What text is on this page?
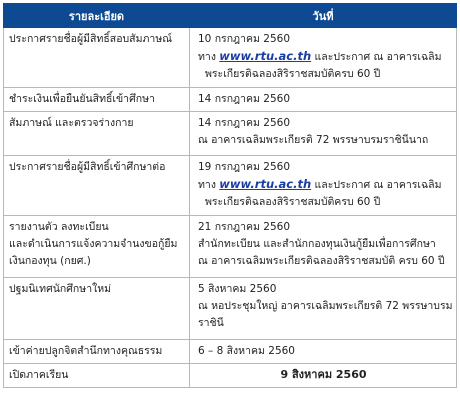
รายละเอียด	วันที่

ประกาศรายชื่อผู้มีสิทธิ์สอบสัมภาษณ์	10 กรกฎาคม 2560
ทาง www.rtu.ac.th และประกาศ ณ อาคารเฉลิม
พระเกียรติฉลองสิริราชสมบัติครบ 60 ปี

ชำระเงินเพื่อยืนยันสิทธิ์เข้าศึกษา	14 กรกฎาคม 2560

สัมภาษณ์ และตรวจร่างกาย	14 กรกฎาคม 2560
ณ อาคารเฉลิมพระเกียรติ 72 พรรษาบรมราชินีนาถ

ประกาศรายชื่อผู้มีสิทธิ์เข้าศึกษาต่อ	19 กรกฎาคม 2560
ทาง www.rtu.ac.th และประกาศ ณ อาคารเฉลิม
พระเกียรติฉลองสิริราชสมบัติครบ 60 ปี

รายงานตัว ลงทะเบียน
และดำเนินการแจ้งความจำนงขอกู้ยืม
เงินกองทุน (กยศ.)	21 กรกฎาคม 2560
สำนักทะเบียน และสำนักกองทุนเงินกู้ยืมเพื่อการศึกษา
ณ อาคารเฉลิมพระเกียรติฉลองสิริราชสมบัติ ครบ 60 ปี

ปฐมนิเทศนักศึกษาใหม่	5 สิงหาคม 2560
ณ หอประชุมใหญ่ อาคารเฉลิมพระเกียรติ 72 พรรษาบรม
ราชินี

เข้าค่ายปลูกจิตสำนึกทางคุณธรรม	6 – 8 สิงหาคม 2560

เปิดภาคเรียน	9 สิงหาคม 2560
